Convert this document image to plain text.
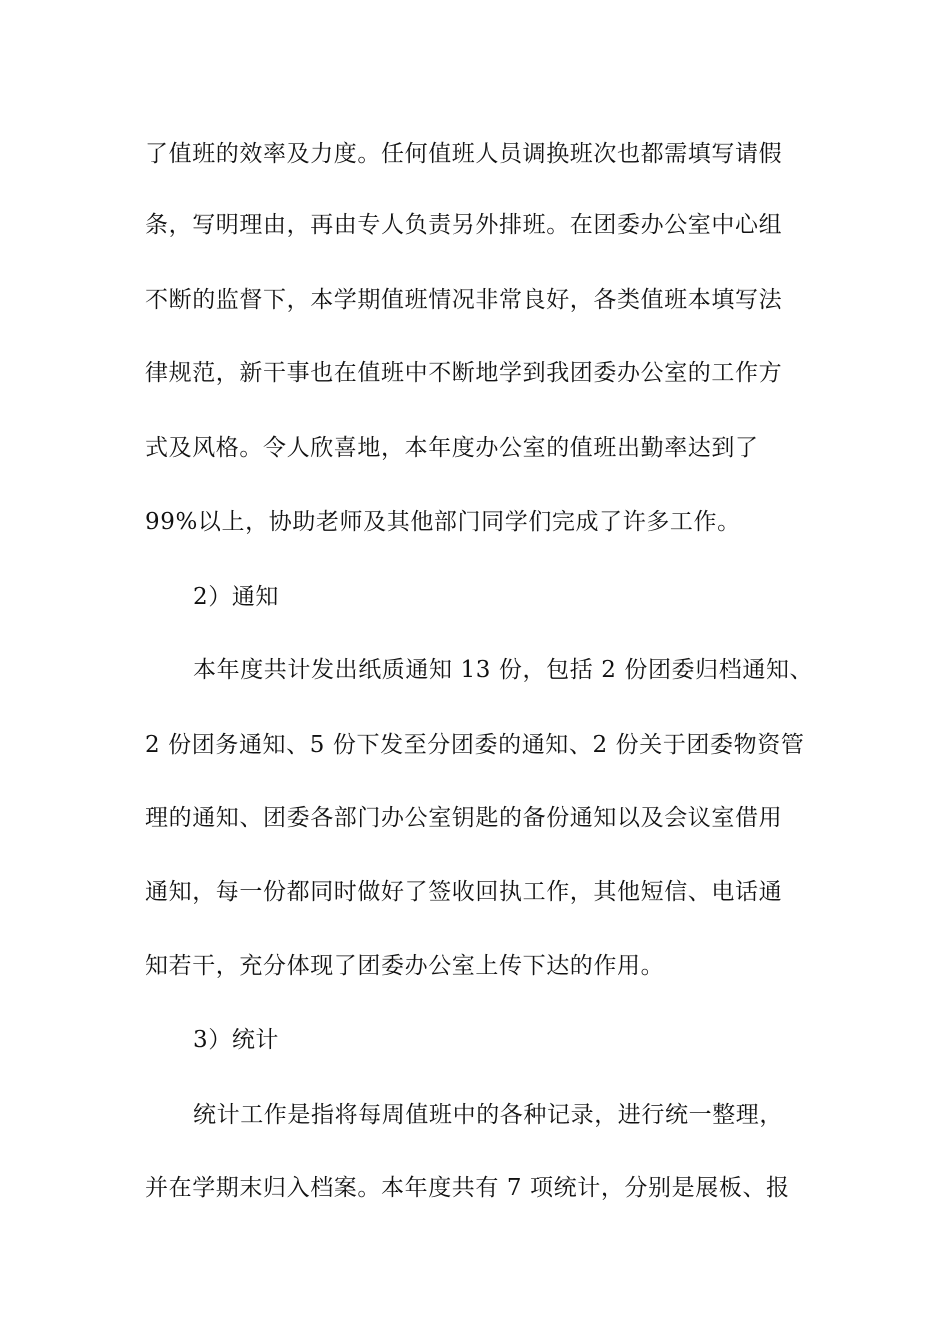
了值班的效率及力度。任何值班人员调换班次也都需填写请假
条，写明理由，再由专人负责另外排班。在团委办公室中心组
不断的监督下，本学期值班情况非常良好，各类值班本填写法
律规范，新干事也在值班中不断地学到我团委办公室的工作方
式及风格。令人欣喜地，本年度办公室的值班出勤率达到了
99%以上，协助老师及其他部门同学们完成了许多工作。
2）通知
本年度共计发出纸质通知 13 份，包括 2 份团委归档通知、
2 份团务通知、5 份下发至分团委的通知、2 份关于团委物资管
理的通知、团委各部门办公室钥匙的备份通知以及会议室借用
通知，每一份都同时做好了签收回执工作，其他短信、电话通
知若干，充分体现了团委办公室上传下达的作用。
3）统计
统计工作是指将每周值班中的各种记录，进行统一整理，
并在学期末归入档案。本年度共有 7 项统计，分别是展板、报
